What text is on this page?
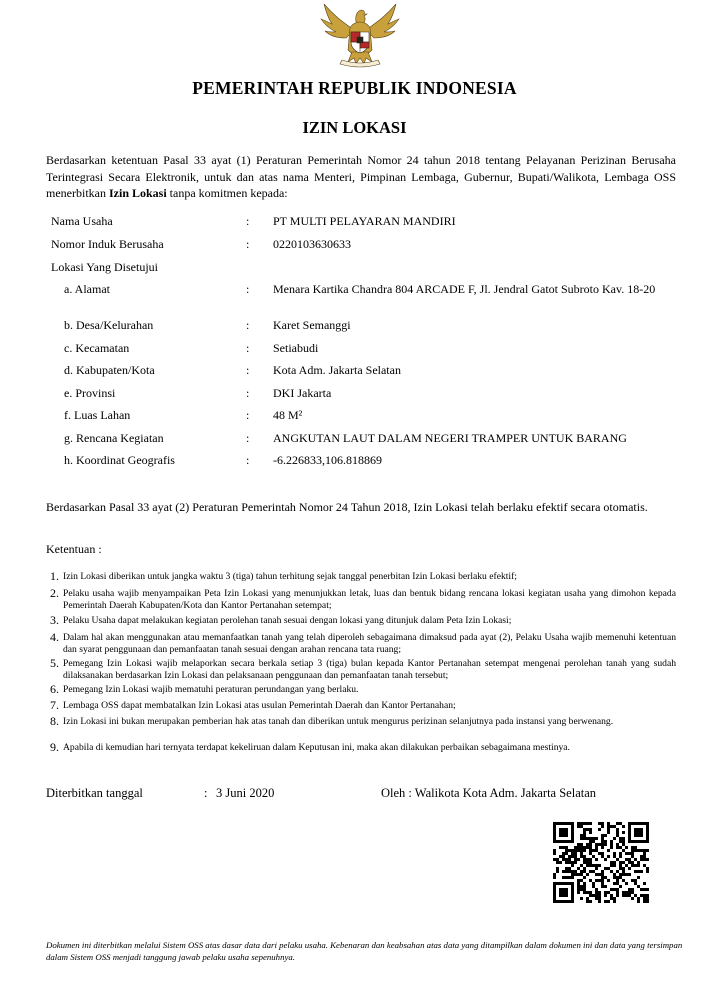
PEMERINTAH REPUBLIK INDONESIA
IZIN LOKASI
Berdasarkan ketentuan Pasal 33 ayat (1) Peraturan Pemerintah Nomor 24 tahun 2018 tentang Pelayanan Perizinan Berusaha Terintegrasi Secara Elektronik, untuk dan atas nama Menteri, Pimpinan Lembaga, Gubernur, Bupati/Walikota, Lembaga OSS menerbitkan Izin Lokasi tanpa komitmen kepada:
Nama Usaha	: PT MULTI PELAYARAN MANDIRI
Nomor Induk Berusaha	: 0220103630633
Lokasi Yang Disetujui
a. Alamat	: Menara Kartika Chandra 804 ARCADE F, Jl. Jendral Gatot Subroto Kav. 18-20
b. Desa/Kelurahan	: Karet Semanggi
c. Kecamatan	: Setiabudi
d. Kabupaten/Kota	: Kota Adm. Jakarta Selatan
e. Provinsi	: DKI Jakarta
f. Luas Lahan	: 48 M²
g. Rencana Kegiatan	: ANGKUTAN LAUT DALAM NEGERI TRAMPER UNTUK BARANG
h. Koordinat Geografis	: -6.226833,106.818869
Berdasarkan Pasal 33 ayat (2) Peraturan Pemerintah Nomor 24 Tahun 2018, Izin Lokasi telah berlaku efektif secara otomatis.
Ketentuan :
1. Izin Lokasi diberikan untuk jangka waktu 3 (tiga) tahun terhitung sejak tanggal penerbitan Izin Lokasi berlaku efektif;
2. Pelaku usaha wajib menyampaikan Peta Izin Lokasi yang menunjukkan letak, luas dan bentuk bidang rencana lokasi kegiatan usaha yang dimohon kepada Pemerintah Daerah Kabupaten/Kota dan Kantor Pertanahan setempat;
3. Pelaku Usaha dapat melakukan kegiatan perolehan tanah sesuai dengan lokasi yang ditunjuk dalam Peta Izin Lokasi;
4. Dalam hal akan menggunakan atau memanfaatkan tanah yang telah diperoleh sebagaimana dimaksud pada ayat (2), Pelaku Usaha wajib memenuhi ketentuan dan syarat penggunaan dan pemanfaatan tanah sesuai dengan arahan rencana tata ruang;
5. Pemegang Izin Lokasi wajib melaporkan secara berkala setiap 3 (tiga) bulan kepada Kantor Pertanahan setempat mengenai perolehan tanah yang sudah dilaksanakan berdasarkan Izin Lokasi dan pelaksanaan penggunaan dan pemanfaatan tanah tersebut;
6. Pemegang Izin Lokasi wajib mematuhi peraturan perundangan yang berlaku.
7. Lembaga OSS dapat membatalkan Izin Lokasi atas usulan Pemerintah Daerah dan Kantor Pertanahan;
8. Izin Lokasi ini bukan merupakan pemberian hak atas tanah dan diberikan untuk mengurus perizinan selanjutnya pada instansi yang berwenang.
9. Apabila di kemudian hari ternyata terdapat kekeliruan dalam Keputusan ini, maka akan dilakukan perbaikan sebagaimana mestinya.
Diterbitkan tanggal	: 3 Juni 2020	Oleh : Walikota Kota Adm. Jakarta Selatan
Dokumen ini diterbitkan melalui Sistem OSS atas dasar data dari pelaku usaha. Kebenaran dan keabsahan atas data yang ditampilkan dalam dokumen ini dan data yang tersimpan dalam Sistem OSS menjadi tanggung jawab pelaku usaha sepenuhnya.
